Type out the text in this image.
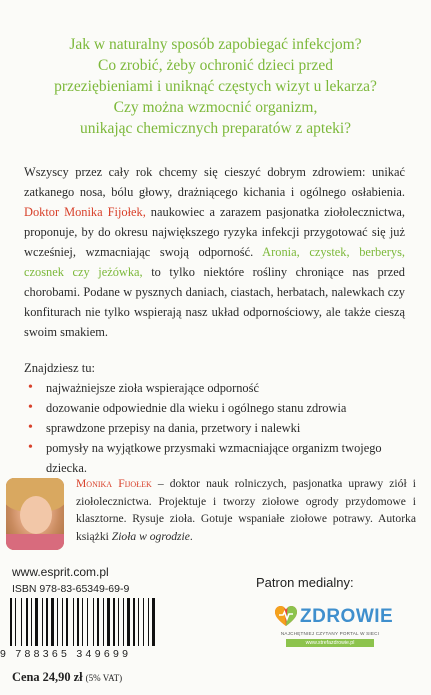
Jak w naturalny sposób zapobiegać infekcjom?
Co zrobić, żeby ochronić dzieci przed
przeziębieniami i uniknąć częstych wizyt u lekarza?
Czy można wzmocnić organizm,
unikając chemicznych preparatów z apteki?
Wszyscy przez cały rok chcemy się cieszyć dobrym zdrowiem: unikać zatkanego nosa, bólu głowy, drażniącego kichania i ogólnego osłabienia. Doktor Monika Fijołek, naukowiec a zarazem pasjonatka ziołolecznictwa, proponuje, by do okresu największego ryzyka infekcji przygotować się już wcześniej, wzmacniając swoją odporność. Aronia, czystek, berberys, czosnek czy jeżówka, to tylko niektóre rośliny chroniące nas przed chorobami. Podane w pysznych daniach, ciastach, herbatach, nalewkach czy konfiturach nie tylko wspierają nasz układ odpornościowy, ale także cieszą swoim smakiem.
Znajdziesz tu:
• najważniejsze zioła wspierające odporność
• dozowanie odpowiednie dla wieku i ogólnego stanu zdrowia
• sprawdzone przepisy na dania, przetwory i nalewki
• pomysły na wyjątkowe przysmaki wzmacniające organizm twojego dziecka.
Monika Fijołek – doktor nauk rolniczych, pasjonatka uprawy ziół i ziołolecznictwa. Projektuje i tworzy ziołowe ogrody przydomowe i klasztorne. Rysuje zioła. Gotuje wspaniałe ziołowe potrawy. Autorka książki Zioła w ogrodzie.
www.esprit.com.pl
ISBN 978-83-65349-69-9
9 788365 349699
Cena 24,90 zł (5% VAT)
Patron medialny:
ZDROWIE
NAJCHĘTNIEJ CZYTANY PORTAL W SIECI
www.strefazdrowie.pl
